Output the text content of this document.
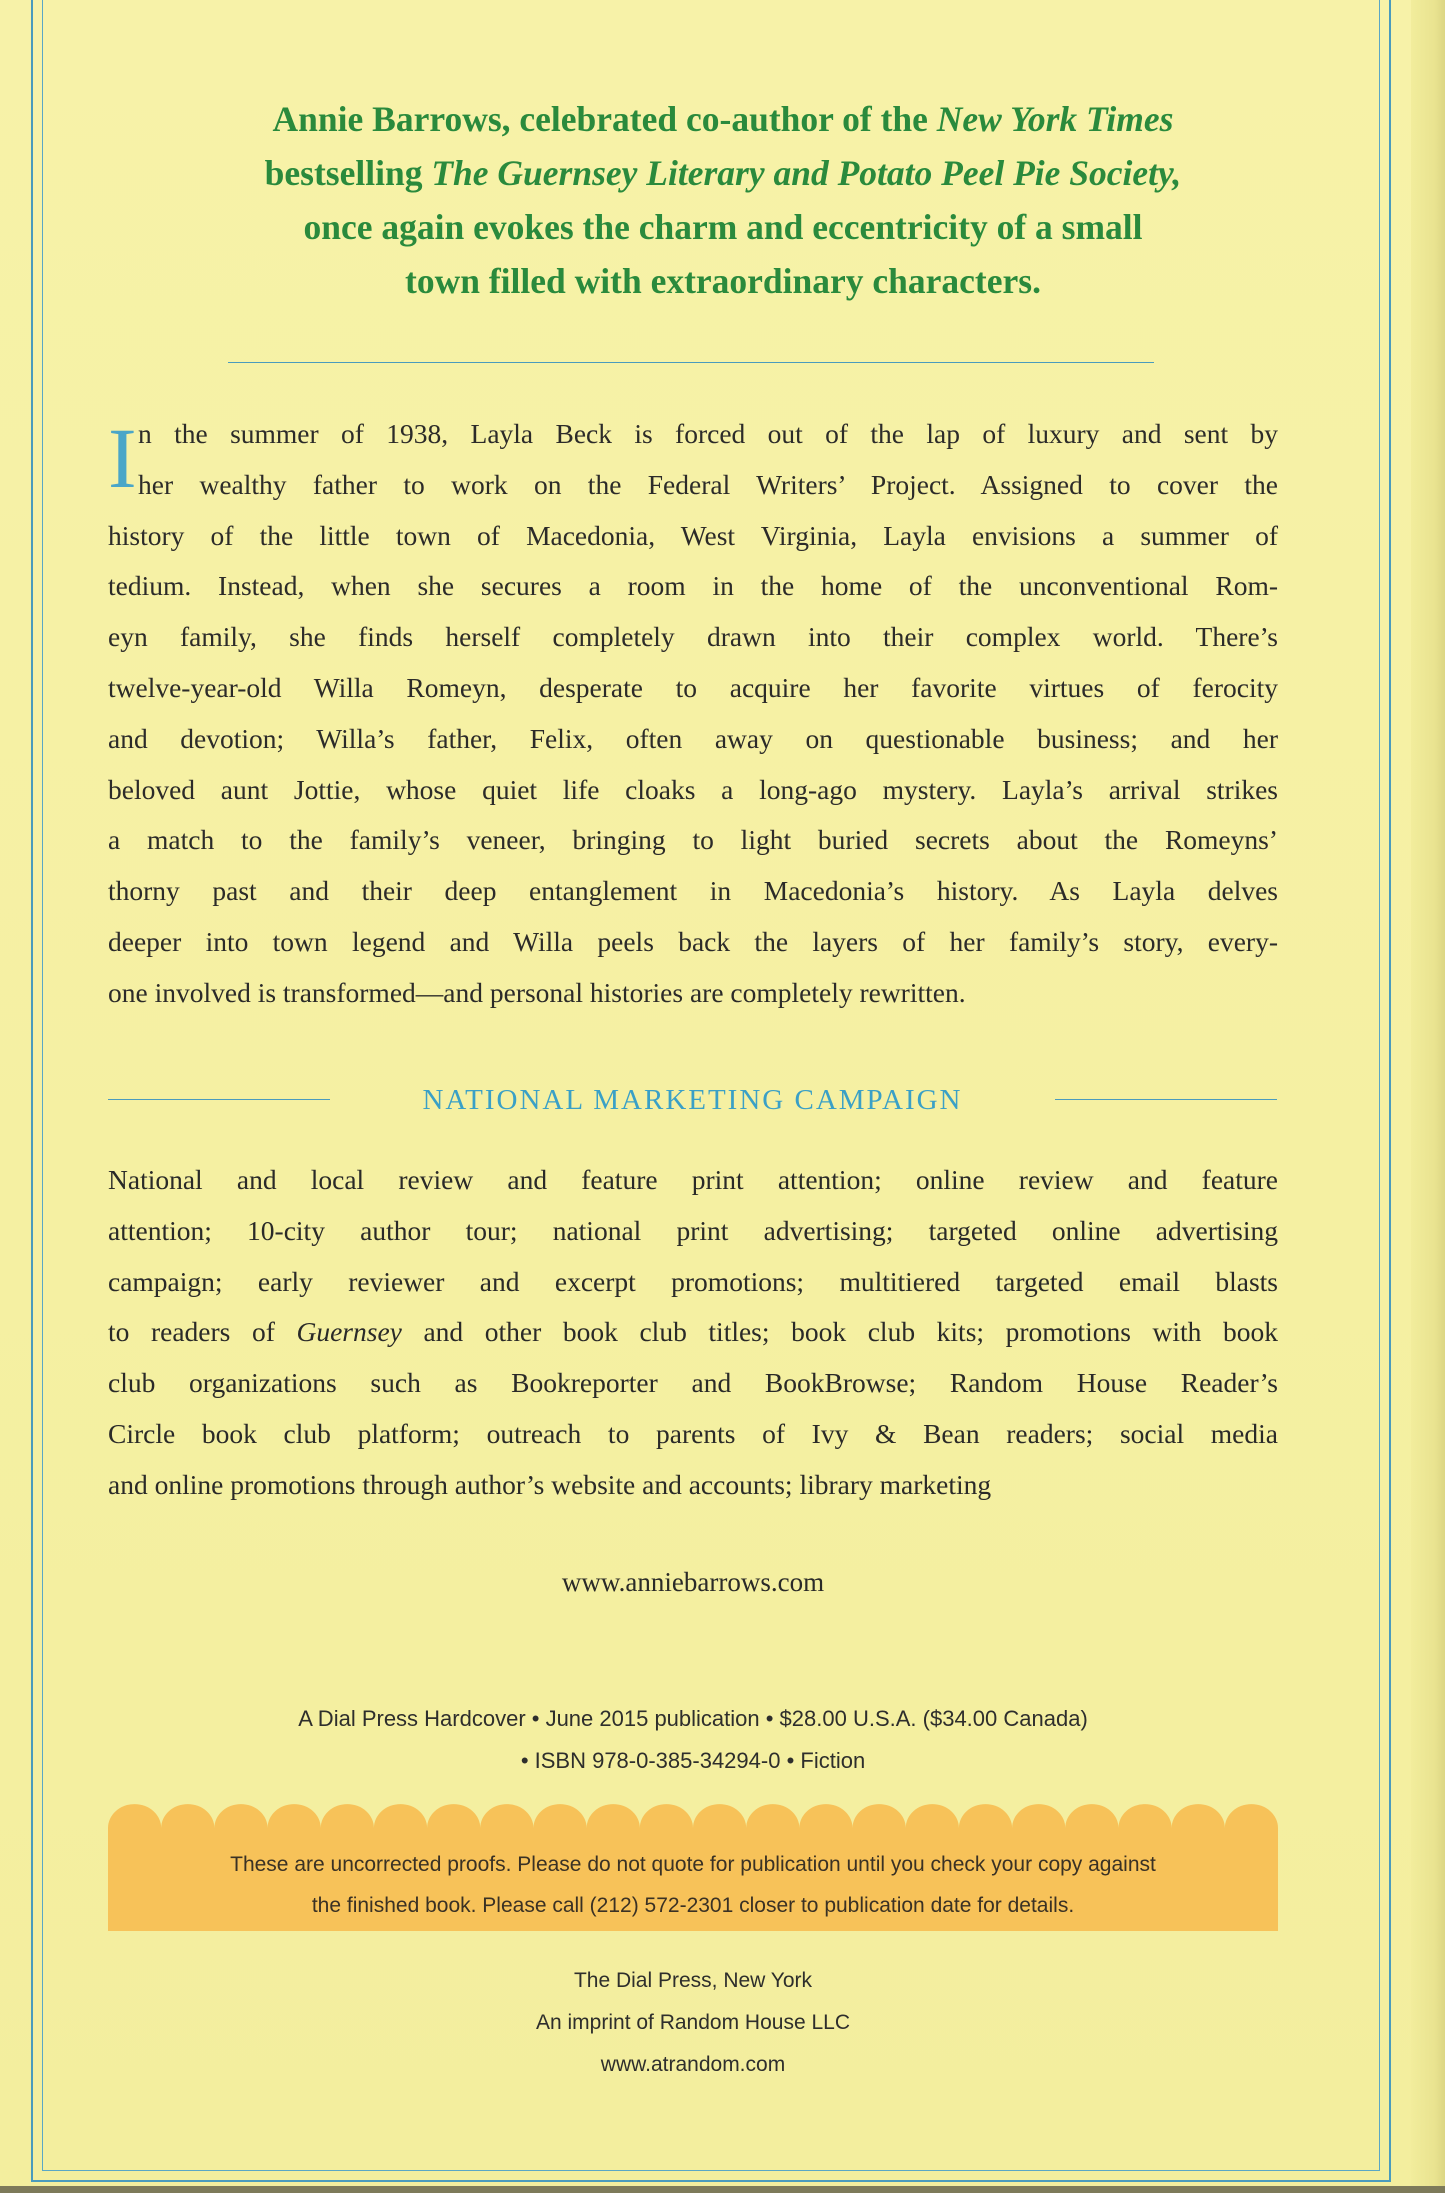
Annie Barrows, celebrated co-author of the New York Times
bestselling The Guernsey Literary and Potato Peel Pie Society,
once again evokes the charm and eccentricity of a small
town filled with extraordinary characters.
I n the summer of 1938, Layla Beck is forced out of the lap of luxury and sent by
her wealthy father to work on the Federal Writers’ Project. Assigned to cover the
history of the little town of Macedonia, West Virginia, Layla envisions a summer of
tedium. Instead, when she secures a room in the home of the unconventional Rom-
eyn family, she finds herself completely drawn into their complex world. There’s
twelve-year-old Willa Romeyn, desperate to acquire her favorite virtues of ferocity
and devotion; Willa’s father, Felix, often away on questionable business; and her
beloved aunt Jottie, whose quiet life cloaks a long-ago mystery. Layla’s arrival strikes
a match to the family’s veneer, bringing to light buried secrets about the Romeyns’
thorny past and their deep entanglement in Macedonia’s history. As Layla delves
deeper into town legend and Willa peels back the layers of her family’s story, every-
one involved is transformed—and personal histories are completely rewritten.
NATIONAL MARKETING CAMPAIGN
National and local review and feature print attention; online review and feature
attention; 10-city author tour; national print advertising; targeted online advertising
campaign; early reviewer and excerpt promotions; multitiered targeted email blasts
to readers of Guernsey and other book club titles; book club kits; promotions with book
club organizations such as Bookreporter and BookBrowse; Random House Reader’s
Circle book club platform; outreach to parents of Ivy & Bean readers; social media
and online promotions through author’s website and accounts; library marketing
www.anniebarrows.com
A Dial Press Hardcover • June 2015 publication • $28.00 U.S.A. ($34.00 Canada)
• ISBN 978-0-385-34294-0 • Fiction
These are uncorrected proofs. Please do not quote for publication until you check your copy against
the finished book. Please call (212) 572-2301 closer to publication date for details.
The Dial Press, New York
An imprint of Random House LLC
www.atrandom.com
